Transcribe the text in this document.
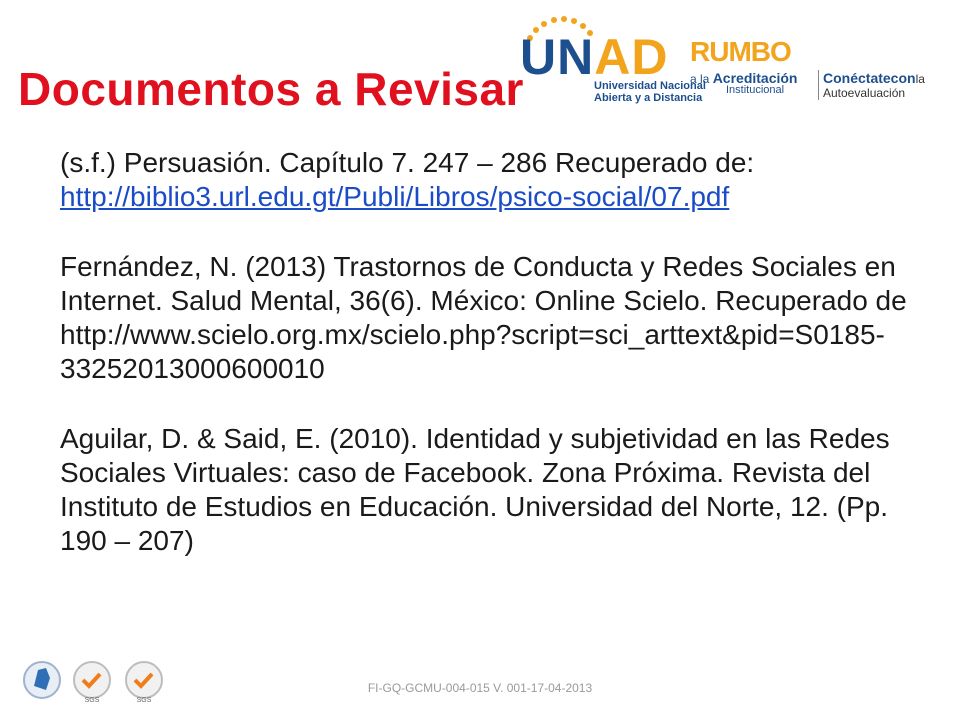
UNAD
Universidad Nacional
Abierta y a Distancia
RUMBO
a la Acreditación
Institucional
Conéctateconla
Autoevaluación
Documentos a Revisar

(s.f.) Persuasión. Capítulo 7. 247 – 286 Recuperado de: http://biblio3.url.edu.gt/Publi/Libros/psico-social/07.pdf

Fernández, N. (2013) Trastornos de Conducta y Redes Sociales en Internet. Salud Mental, 36(6). México: Online Scielo. Recuperado de http://www.scielo.org.mx/scielo.php?script=sci_arttext&pid=S0185-33252013000600010

Aguilar, D. & Said, E. (2010). Identidad y subjetividad en las Redes Sociales Virtuales: caso de Facebook. Zona Próxima. Revista del Instituto de Estudios en Educación. Universidad del Norte, 12. (Pp. 190 – 207)

SGS	SGS
FI-GQ-GCMU-004-015 V. 001-17-04-2013
